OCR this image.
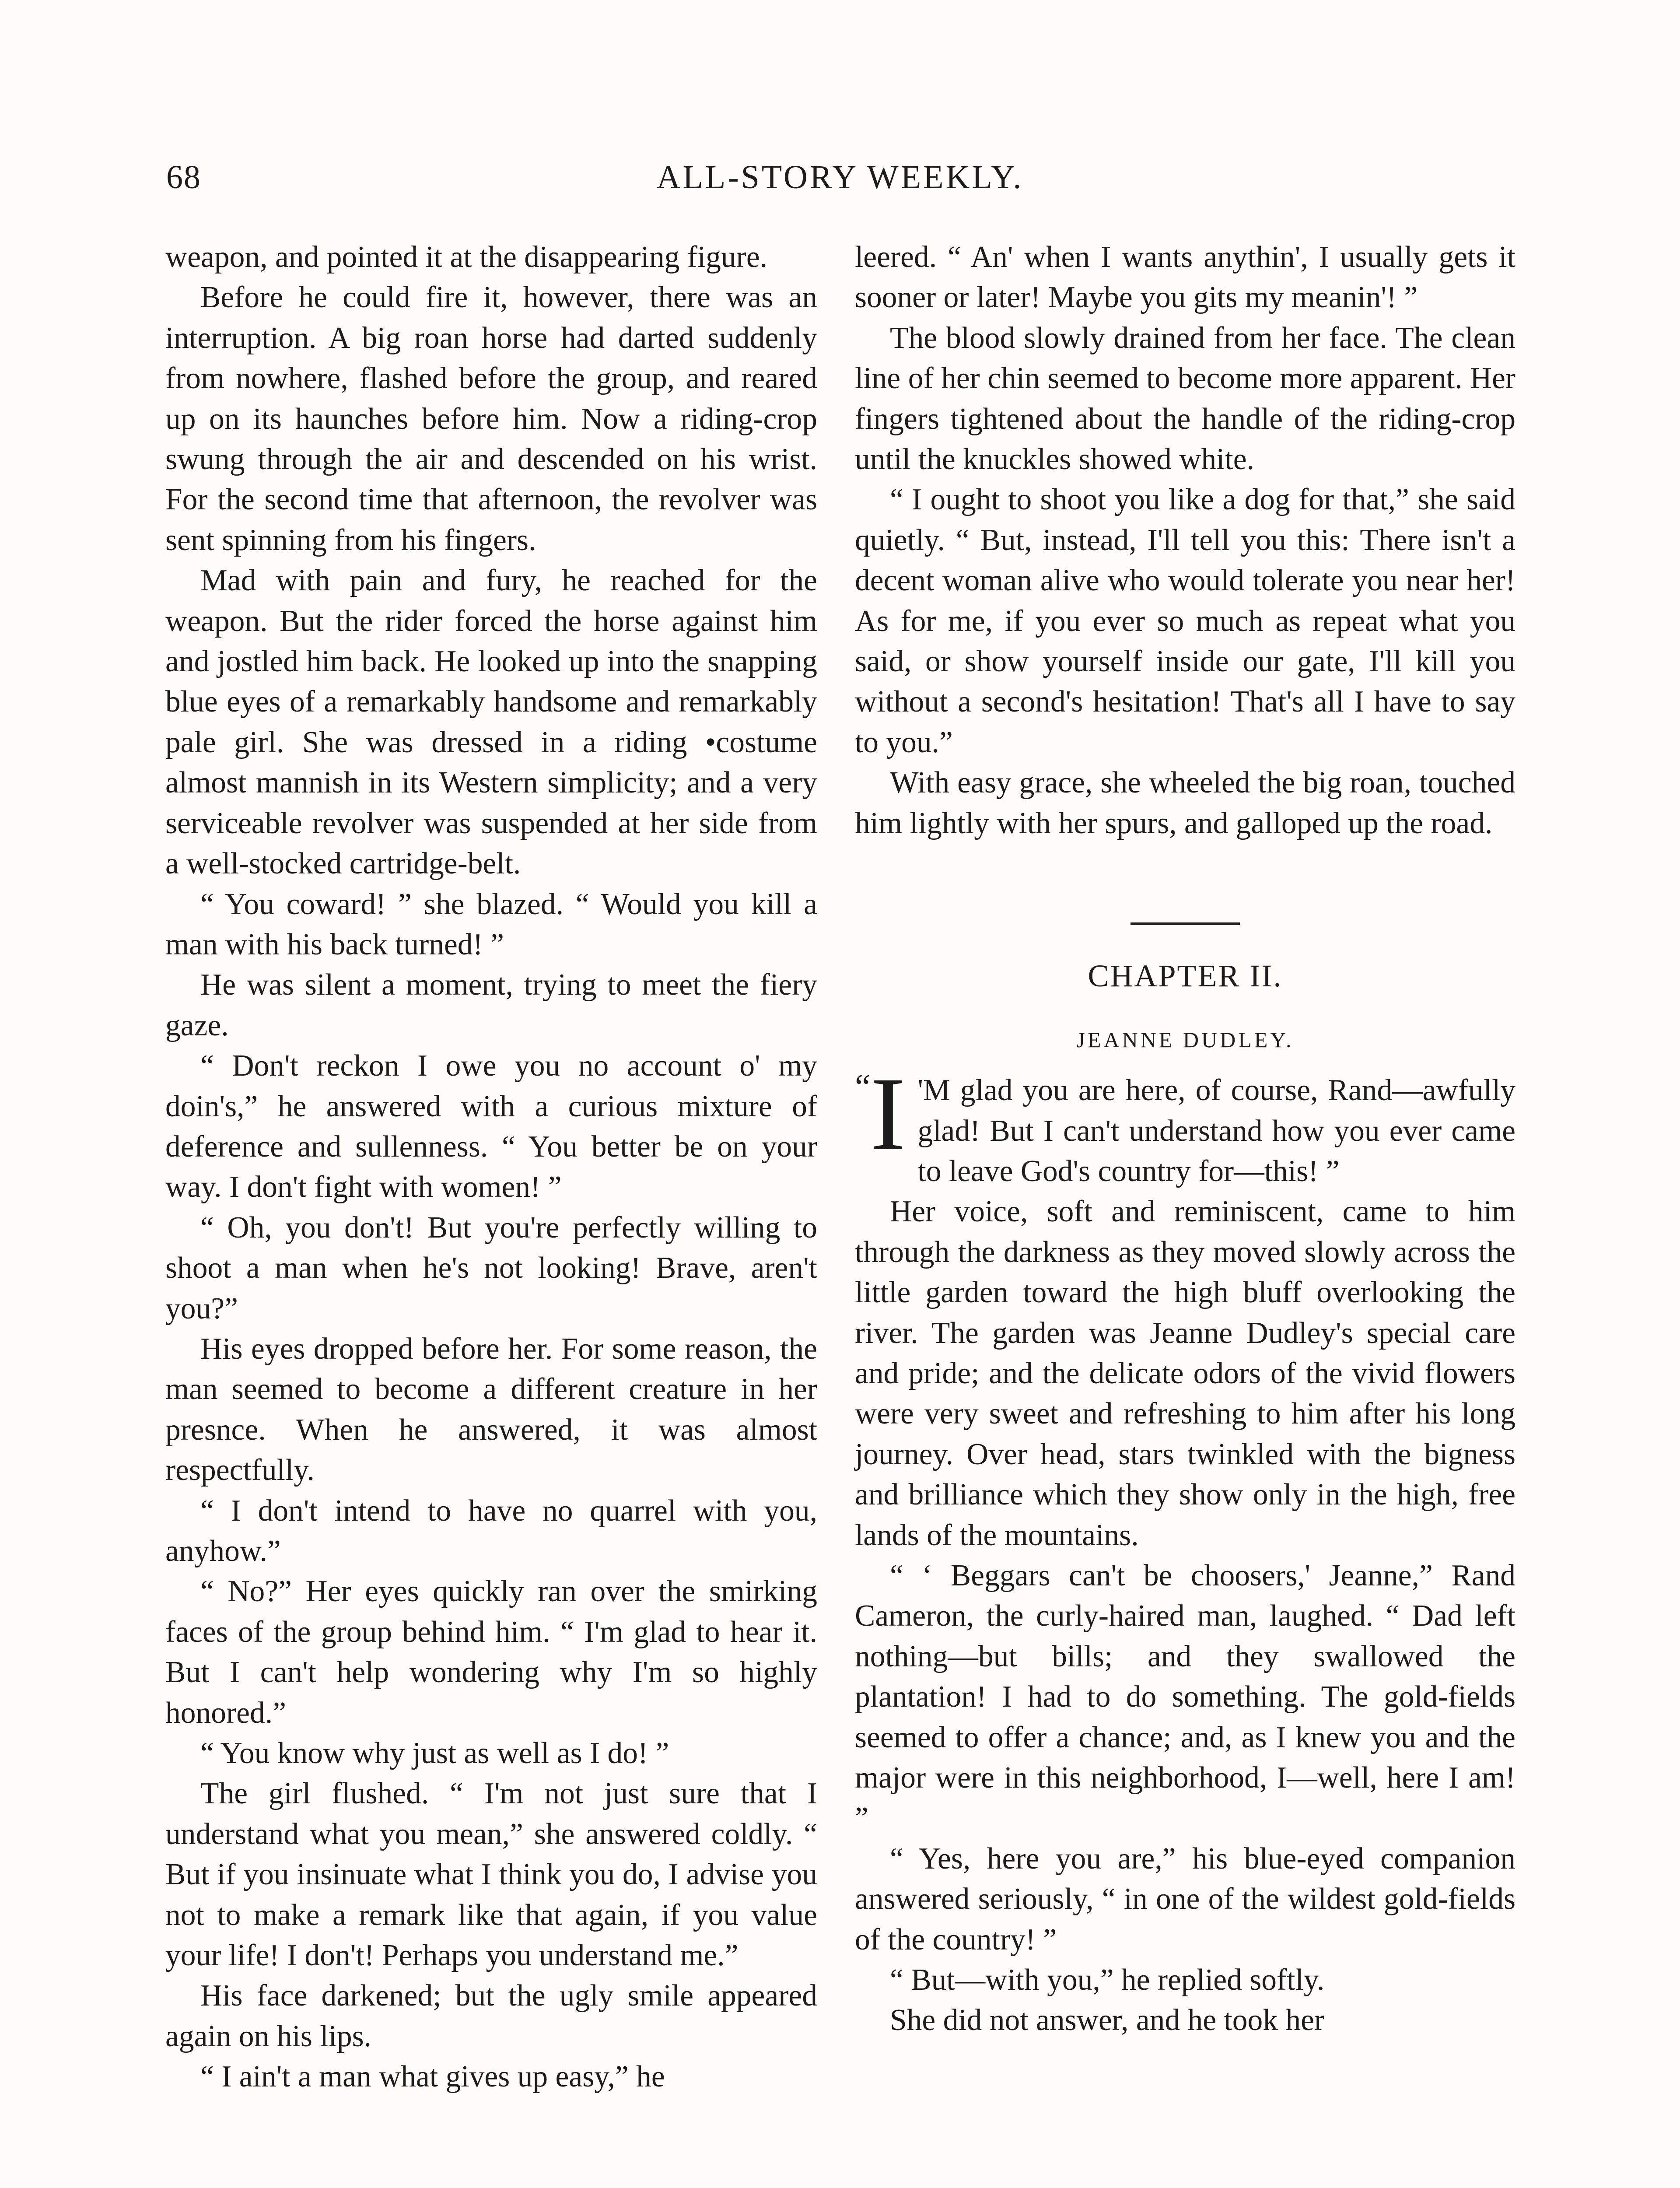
68	ALL-STORY WEEKLY.

weapon, and pointed it at the disappearing figure.

Before he could fire it, however, there was an interruption. A big roan horse had darted suddenly from nowhere, flashed before the group, and reared up on its haunches before him. Now a riding-crop swung through the air and descended on his wrist. For the second time that afternoon, the revolver was sent spinning from his fingers.

Mad with pain and fury, he reached for the weapon. But the rider forced the horse against him and jostled him back. He looked up into the snapping blue eyes of a remarkably handsome and remarkably pale girl. She was dressed in a riding •costume almost mannish in its Western simplicity; and a very serviceable revolver was suspended at her side from a well-stocked cartridge-belt.

“ You coward! ” she blazed. “ Would you kill a man with his back turned! ”

He was silent a moment, trying to meet the fiery gaze.

“ Don't reckon I owe you no account o' my doin's,” he answered with a curious mixture of deference and sullenness. “ You better be on your way. I don't fight with women! ”

“ Oh, you don't! But you're perfectly willing to shoot a man when he's not looking! Brave, aren't you?”

His eyes dropped before her. For some reason, the man seemed to become a different creature in her presnce. When he answered, it was almost respectfully.

“ I don't intend to have no quarrel with you, anyhow.”

“ No?” Her eyes quickly ran over the smirking faces of the group behind him. “ I'm glad to hear it. But I can't help wondering why I'm so highly honored.”

“ You know why just as well as I do! ”

The girl flushed. “ I'm not just sure that I understand what you mean,” she answered coldly. “ But if you insinuate what I think you do, I advise you not to make a remark like that again, if you value your life! I don't! Perhaps you understand me.”

His face darkened; but the ugly smile appeared again on his lips.

“ I ain't a man what gives up easy,” he

leered. “ An' when I wants anythin', I usually gets it sooner or later! Maybe you gits my meanin'! ”

The blood slowly drained from her face. The clean line of her chin seemed to become more apparent. Her fingers tightened about the handle of the riding-crop until the knuckles showed white.

“ I ought to shoot you like a dog for that,” she said quietly. “ But, instead, I'll tell you this: There isn't a decent woman alive who would tolerate you near her! As for me, if you ever so much as repeat what you said, or show yourself inside our gate, I'll kill you without a second's hesitation! That's all I have to say to you.”

With easy grace, she wheeled the big roan, touched him lightly with her spurs, and galloped up the road.

CHAPTER II.
JEANNE DUDLEY.

“ I 'M glad you are here, of course, Rand—awfully glad! But I can't understand how you ever came to leave God's country for—this! ”

Her voice, soft and reminiscent, came to him through the darkness as they moved slowly across the little garden toward the high bluff overlooking the river. The garden was Jeanne Dudley's special care and pride; and the delicate odors of the vivid flowers were very sweet and refreshing to him after his long journey. Over head, stars twinkled with the bigness and brilliance which they show only in the high, free lands of the mountains.

“ ‘ Beggars can't be choosers,' Jeanne,” Rand Cameron, the curly-haired man, laughed. “ Dad left nothing—but bills; and they swallowed the plantation! I had to do something. The gold-fields seemed to offer a chance; and, as I knew you and the major were in this neighborhood, I—well, here I am! ”

“ Yes, here you are,” his blue-eyed companion answered seriously, “ in one of the wildest gold-fields of the country! ”

“ But—with you,” he replied softly.

She did not answer, and he took her
